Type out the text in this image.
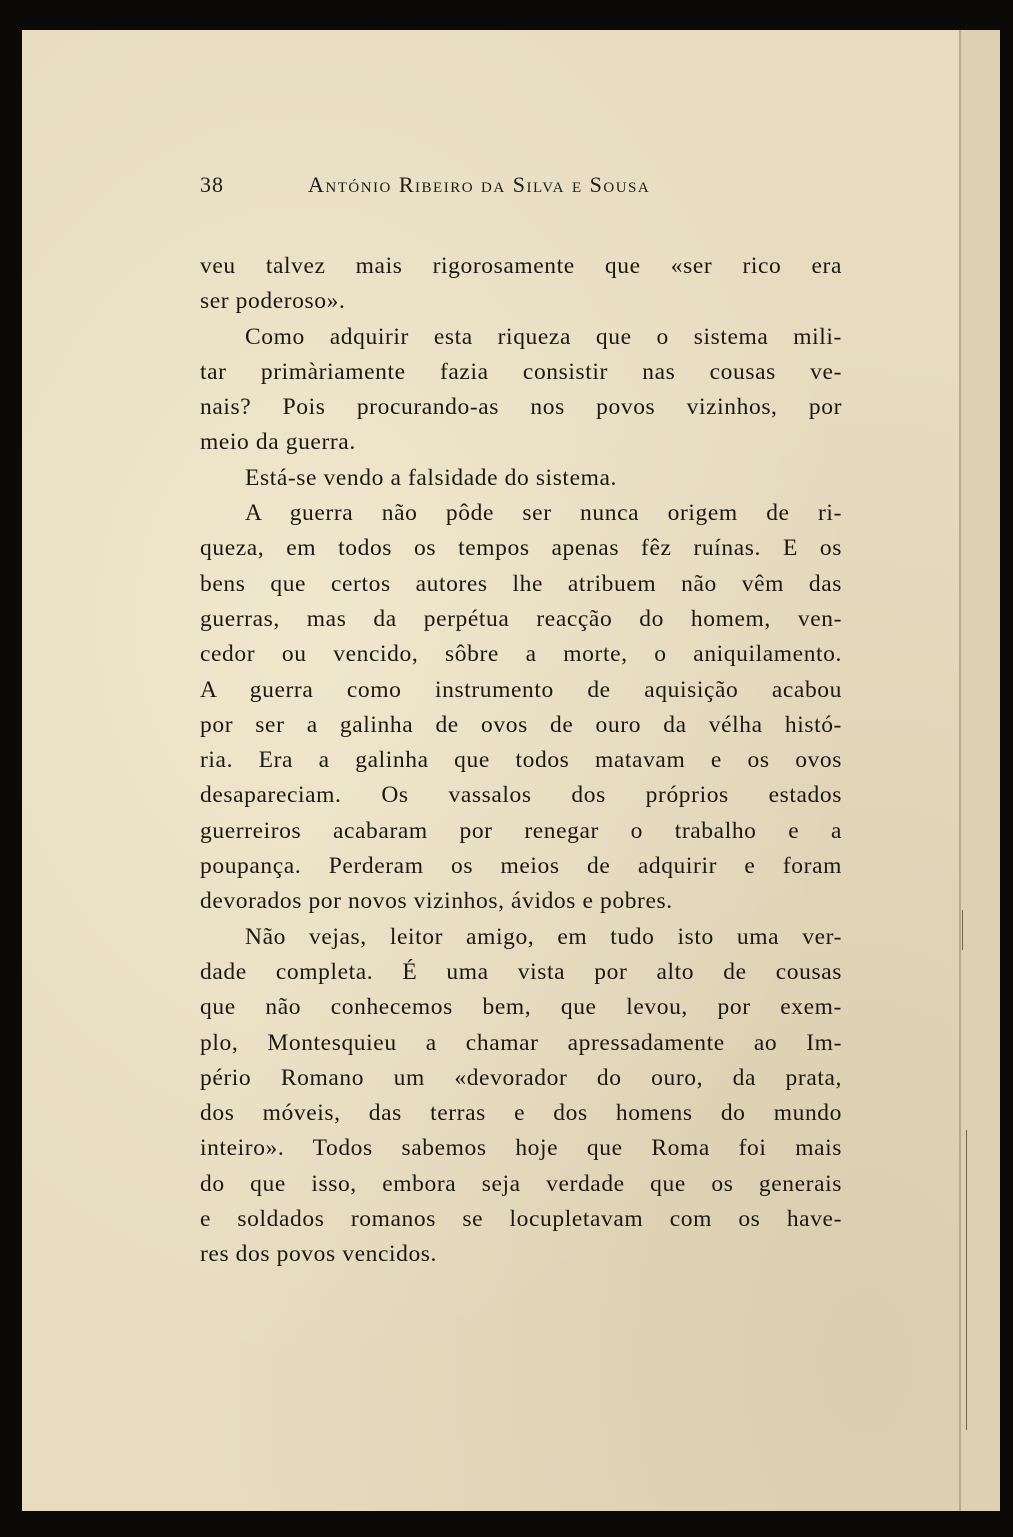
38	António Ribeiro da Silva e Sousa

veu talvez mais rigorosamente que «ser rico era
ser poderoso».

Como adquirir esta riqueza que o sistema mili-
tar primàriamente fazia consistir nas cousas ve-
nais? Pois procurando-as nos povos vizinhos, por
meio da guerra.

Está-se vendo a falsidade do sistema.

A guerra não pôde ser nunca origem de ri-
queza, em todos os tempos apenas fêz ruínas. E os
bens que certos autores lhe atribuem não vêm das
guerras, mas da perpétua reacção do homem, ven-
cedor ou vencido, sôbre a morte, o aniquilamento.
A guerra como instrumento de aquisição acabou
por ser a galinha de ovos de ouro da vélha histó-
ria. Era a galinha que todos matavam e os ovos
desapareciam. Os vassalos dos próprios estados
guerreiros acabaram por renegar o trabalho e a
poupança. Perderam os meios de adquirir e foram
devorados por novos vizinhos, ávidos e pobres.

Não vejas, leitor amigo, em tudo isto uma ver-
dade completa. É uma vista por alto de cousas
que não conhecemos bem, que levou, por exem-
plo, Montesquieu a chamar apressadamente ao Im-
pério Romano um «devorador do ouro, da prata,
dos móveis, das terras e dos homens do mundo
inteiro». Todos sabemos hoje que Roma foi mais
do que isso, embora seja verdade que os generais
e soldados romanos se locupletavam com os have-
res dos povos vencidos.
